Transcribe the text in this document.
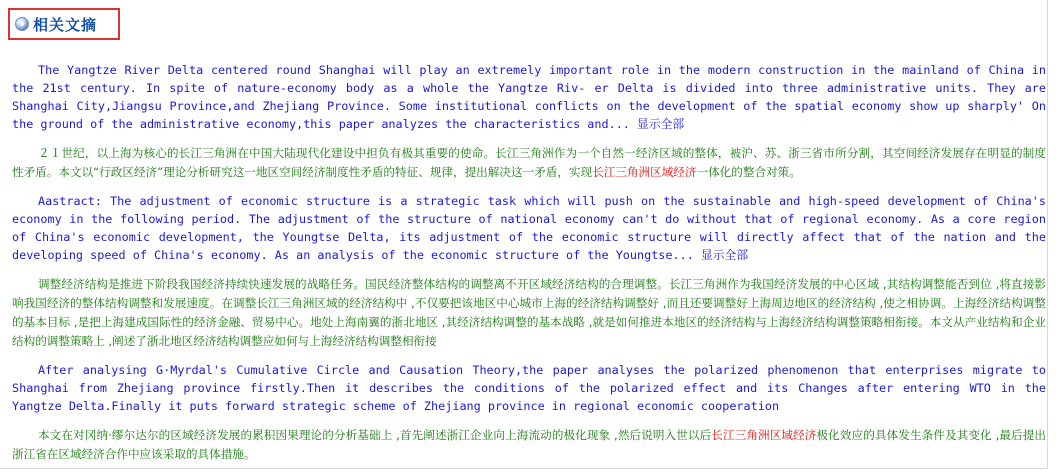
相关文摘

The Yangtze River Delta centered round Shanghai will play an extremely important role in the modern construction in the mainland of China in the 21st century. In spite of nature-economy body as a whole the Yangtze Riv- er Delta is divided into three administrative units. They are Shanghai City,Jiangsu Province,and Zhejiang Province. Some institutional conflicts on the development of the spatial economy show up sharply' On the ground of the administrative economy,this paper analyzes the characteristics and... 显示全部

２１世纪，以上海为核心的长江三角洲在中国大陆现代化建设中担负有极其重要的使命。长江三角洲作为一个自然一经济区域的整体，被沪、苏、浙三省市所分割，其空间经济发展存在明显的制度性矛盾。本文以“行政区经济”理论分析研究这一地区空间经济制度性矛盾的特征、规律，提出解决这一矛盾，实现长江三角洲区域经济一体化的整合对策。

Aastract: The adjustment of economic structure is a strategic task which will push on the sustainable and high-speed development of China's economy in the following period. The adjustment of the structure of national economy can't do without that of regional economy. As a core region of China's economic development, the Youngtse Delta, its adjustment of the economic structure will directly affect that of the nation and the developing speed of China's economy. As an analysis of the economic structure of the Youngtse... 显示全部

调整经济结构是推进下阶段我国经济持续快速发展的战略任务。国民经济整体结构的调整离不开区域经济结构的合理调整。长江三角洲作为我国经济发展的中心区域 ,其结构调整能否到位 ,将直接影响我国经济的整体结构调整和发展速度。在调整长江三角洲区域的经济结构中 ,不仅要把该地区中心城市上海的经济结构调整好 ,而且还要调整好上海周边地区的经济结构 ,使之相协调。上海经济结构调整的基本目标 ,是把上海建成国际性的经济金融、贸易中心。地处上海南翼的浙北地区 ,其经济结构调整的基本战略 ,就是如何推进本地区的经济结构与上海经济结构调整策略相衔接。本文从产业结构和企业结构的调整策略上 ,阐述了浙北地区经济结构调整应如何与上海经济结构调整相衔接

After analysing G·Myrdal's Cumulative Circle and Causation Theory,the paper analyses the polarized phenomenon that enterprises migrate to Shanghai from Zhejiang province firstly.Then it describes the conditions of the polarized effect and its Changes after entering WTO in the Yangtze Delta.Finally it puts forward strategic scheme of Zhejiang province in regional economic cooperation

本文在对冈纳·缪尔达尔的区域经济发展的累积因果理论的分析基础上 ,首先阐述浙江企业向上海流动的极化现象 ,然后说明入世以后长江三角洲区域经济极化效应的具体发生条件及其变化 ,最后提出浙江省在区域经济合作中应该采取的具体措施。
